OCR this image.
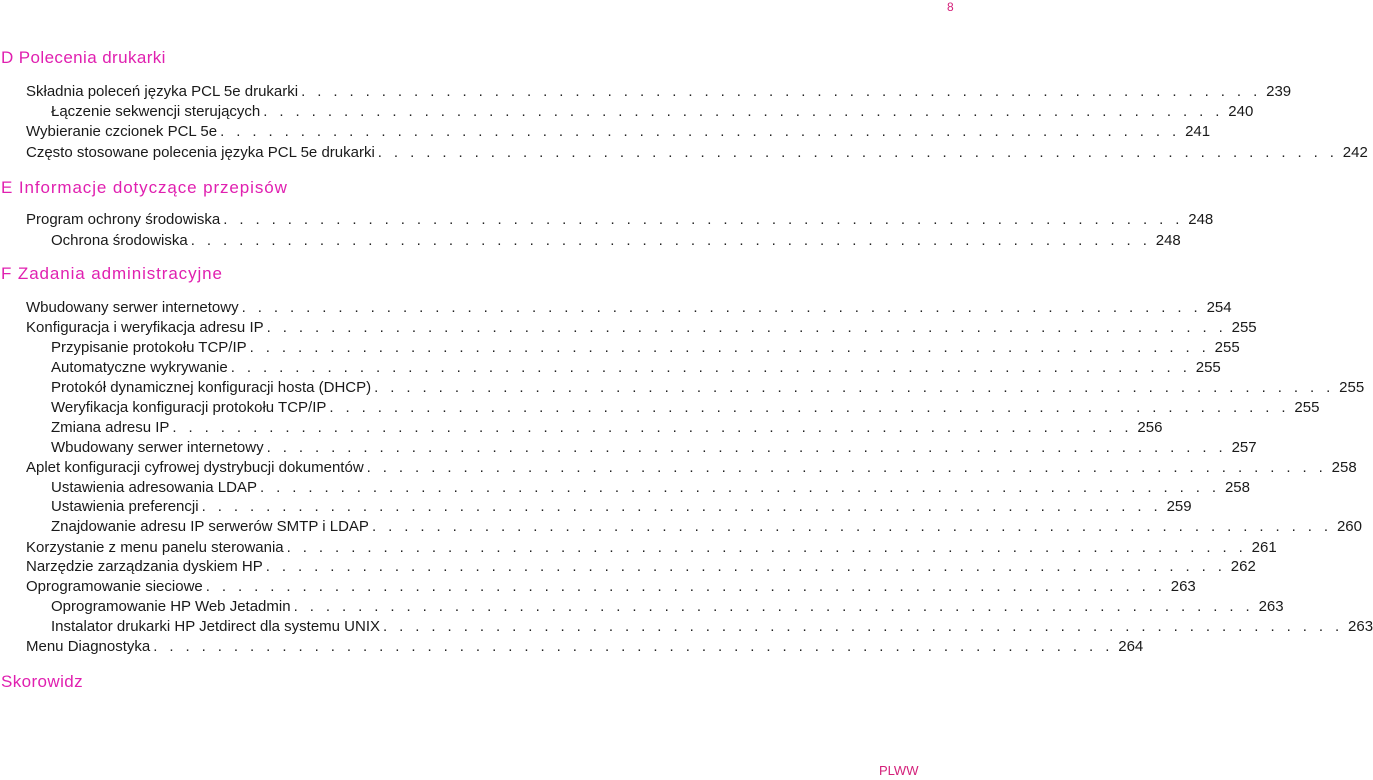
8
D Polecenia drukarki
E Informacje dotyczące przepisów
F Zadania administracyjne
Skorowidz
Składnia poleceń języka PCL 5e drukarki . . . . . . . . . . . . . . . . . . . . . . . . . . . . . . . . . . . . . . . . . . . . . . . . . . . . . . . . . . . . 239
Łączenie sekwencji sterujących . . . . . . . . . . . . . . . . . . . . . . . . . . . . . . . . . . . . . . . . . . . . . . . . . . . . . . . . . . . . 240
Wybieranie czcionek PCL 5e . . . . . . . . . . . . . . . . . . . . . . . . . . . . . . . . . . . . . . . . . . . . . . . . . . . . . . . . . . . . 241
Często stosowane polecenia języka PCL 5e drukarki . . . . . . . . . . . . . . . . . . . . . . . . . . . . . . . . . . . . . . . . . . . . . . . . . . . . . . . . . . . . 242
Program ochrony środowiska . . . . . . . . . . . . . . . . . . . . . . . . . . . . . . . . . . . . . . . . . . . . . . . . . . . . . . . . . . . . 248
Ochrona środowiska . . . . . . . . . . . . . . . . . . . . . . . . . . . . . . . . . . . . . . . . . . . . . . . . . . . . . . . . . . . . 248
Wbudowany serwer internetowy . . . . . . . . . . . . . . . . . . . . . . . . . . . . . . . . . . . . . . . . . . . . . . . . . . . . . . . . . . . . 254
Konfiguracja i weryfikacja adresu IP . . . . . . . . . . . . . . . . . . . . . . . . . . . . . . . . . . . . . . . . . . . . . . . . . . . . . . . . . . . . 255
Przypisanie protokołu TCP/IP . . . . . . . . . . . . . . . . . . . . . . . . . . . . . . . . . . . . . . . . . . . . . . . . . . . . . . . . . . . . 255
Automatyczne wykrywanie . . . . . . . . . . . . . . . . . . . . . . . . . . . . . . . . . . . . . . . . . . . . . . . . . . . . . . . . . . . . 255
Protokół dynamicznej konfiguracji hosta (DHCP) . . . . . . . . . . . . . . . . . . . . . . . . . . . . . . . . . . . . . . . . . . . . . . . . . . . . . . . . . . . . 255
Weryfikacja konfiguracji protokołu TCP/IP . . . . . . . . . . . . . . . . . . . . . . . . . . . . . . . . . . . . . . . . . . . . . . . . . . . . . . . . . . . . 255
Zmiana adresu IP . . . . . . . . . . . . . . . . . . . . . . . . . . . . . . . . . . . . . . . . . . . . . . . . . . . . . . . . . . . . 256
Wbudowany serwer internetowy . . . . . . . . . . . . . . . . . . . . . . . . . . . . . . . . . . . . . . . . . . . . . . . . . . . . . . . . . . . . 257
Aplet konfiguracji cyfrowej dystrybucji dokumentów . . . . . . . . . . . . . . . . . . . . . . . . . . . . . . . . . . . . . . . . . . . . . . . . . . . . . . . . . . . . 258
Ustawienia adresowania LDAP . . . . . . . . . . . . . . . . . . . . . . . . . . . . . . . . . . . . . . . . . . . . . . . . . . . . . . . . . . . . 258
Ustawienia preferencji . . . . . . . . . . . . . . . . . . . . . . . . . . . . . . . . . . . . . . . . . . . . . . . . . . . . . . . . . . . . 259
Znajdowanie adresu IP serwerów SMTP i LDAP . . . . . . . . . . . . . . . . . . . . . . . . . . . . . . . . . . . . . . . . . . . . . . . . . . . . . . . . . . . . 260
Korzystanie z menu panelu sterowania . . . . . . . . . . . . . . . . . . . . . . . . . . . . . . . . . . . . . . . . . . . . . . . . . . . . . . . . . . . . 261
Narzędzie zarządzania dyskiem HP . . . . . . . . . . . . . . . . . . . . . . . . . . . . . . . . . . . . . . . . . . . . . . . . . . . . . . . . . . . . 262
Oprogramowanie sieciowe . . . . . . . . . . . . . . . . . . . . . . . . . . . . . . . . . . . . . . . . . . . . . . . . . . . . . . . . . . . . 263
Oprogramowanie HP Web Jetadmin . . . . . . . . . . . . . . . . . . . . . . . . . . . . . . . . . . . . . . . . . . . . . . . . . . . . . . . . . . . . 263
Instalator drukarki HP Jetdirect dla systemu UNIX . . . . . . . . . . . . . . . . . . . . . . . . . . . . . . . . . . . . . . . . . . . . . . . . . . . . . . . . . . . . 263
Menu Diagnostyka . . . . . . . . . . . . . . . . . . . . . . . . . . . . . . . . . . . . . . . . . . . . . . . . . . . . . . . . . . . . 264
PLWW
